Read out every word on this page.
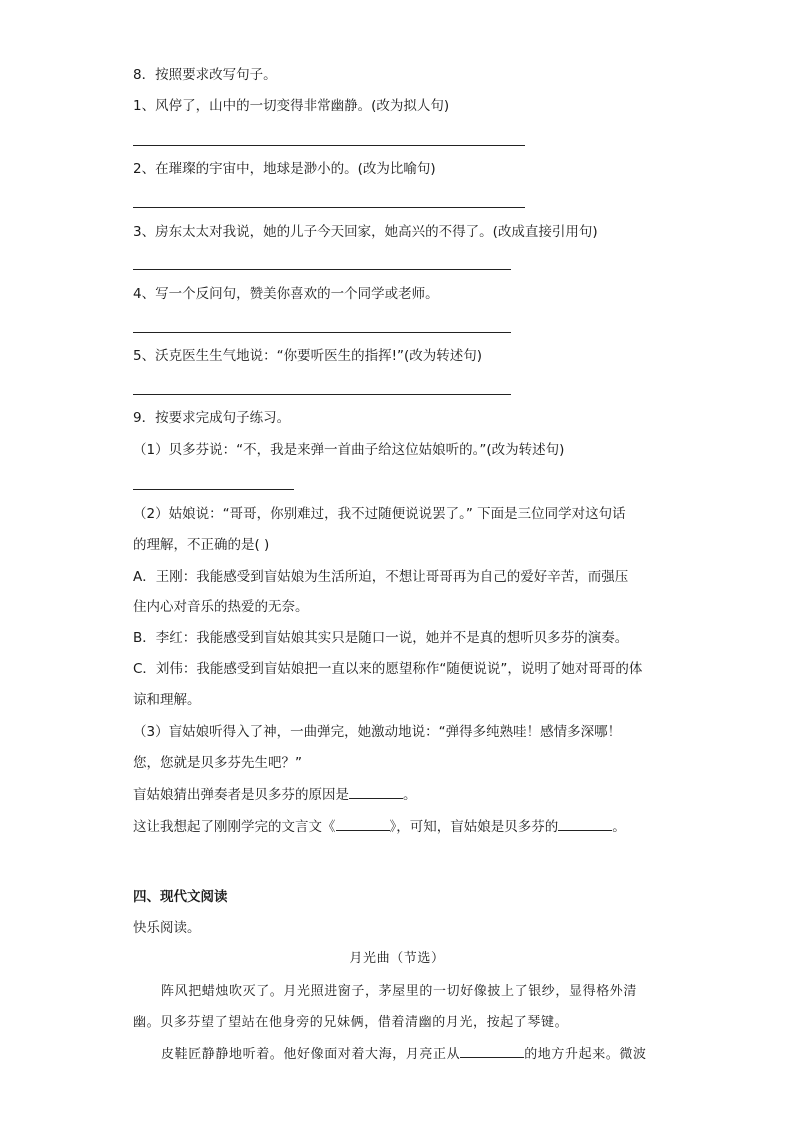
8．按照要求改写句子。
1、风停了，山中的一切变得非常幽静。(改为拟人句)
2、在璀璨的宇宙中，地球是渺小的。(改为比喻句)
3、房东太太对我说，她的儿子今天回家，她高兴的不得了。(改成直接引用句)
4、写一个反问句，赞美你喜欢的一个同学或老师。
5、沃克医生生气地说：“你要听医生的指挥!”(改为转述句)
9．按要求完成句子练习。
（1）贝多芬说：“不，我是来弹一首曲子给这位姑娘听的。”(改为转述句)
（2）姑娘说：“哥哥，你别难过，我不过随便说说罢了。” 下面是三位同学对这句话
的理解，不正确的是( )
A．王刚：我能感受到盲姑娘为生活所迫，不想让哥哥再为自己的爱好辛苦，而强压
住内心对音乐的热爱的无奈。
B．李红：我能感受到盲姑娘其实只是随口一说，她并不是真的想听贝多芬的演奏。
C．刘伟：我能感受到盲姑娘把一直以来的愿望称作“随便说说”，说明了她对哥哥的体
谅和理解。
（3）盲姑娘听得入了神，一曲弹完，她激动地说：“弹得多纯熟哇！感情多深哪！
您，您就是贝多芬先生吧？”
盲姑娘猜出弹奏者是贝多芬的原因是	。
这让我想起了刚刚学完的文言文《	》，可知，盲姑娘是贝多芬的	。
四、现代文阅读
快乐阅读。
月光曲（节选）
阵风把蜡烛吹灭了。月光照进窗子，茅屋里的一切好像披上了银纱，显得格外清
幽。贝多芬望了望站在他身旁的兄妹俩，借着清幽的月光，按起了琴键。
皮鞋匠静静地听着。他好像面对着大海，月亮正从	的地方升起来。微波
